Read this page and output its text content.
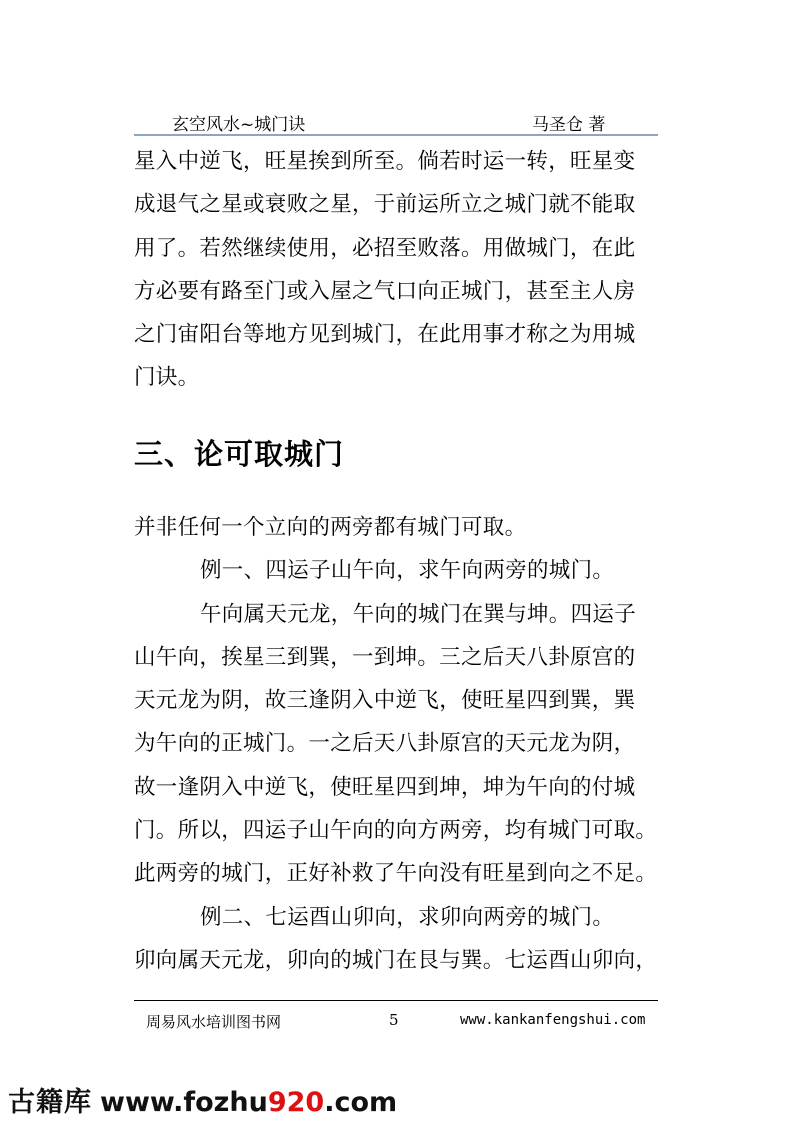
玄空风水~城门诀	马圣仓 著
星入中逆飞，旺星挨到所至。倘若时运一转，旺星变
成退气之星或衰败之星，于前运所立之城门就不能取
用了。若然继续使用，必招至败落。用做城门，在此
方必要有路至门或入屋之气口向正城门，甚至主人房
之门宙阳台等地方见到城门，在此用事才称之为用城
门诀。
三、论可取城门
并非任何一个立向的两旁都有城门可取。
例一、四运子山午向，求午向两旁的城门。
午向属天元龙，午向的城门在巽与坤。四运子
山午向，挨星三到巽，一到坤。三之后天八卦原宫的
天元龙为阴，故三逢阴入中逆飞，使旺星四到巽，巽
为午向的正城门。一之后天八卦原宫的天元龙为阴，
故一逢阴入中逆飞，使旺星四到坤，坤为午向的付城
门。所以，四运子山午向的向方两旁，均有城门可取。
此两旁的城门，正好补救了午向没有旺星到向之不足。
例二、七运酉山卯向，求卯向两旁的城门。
卯向属天元龙，卯向的城门在艮与巽。七运酉山卯向，
周易风水培训图书网	5	www.kankanfengshui.com
古籍库 www.fozhu920.com
